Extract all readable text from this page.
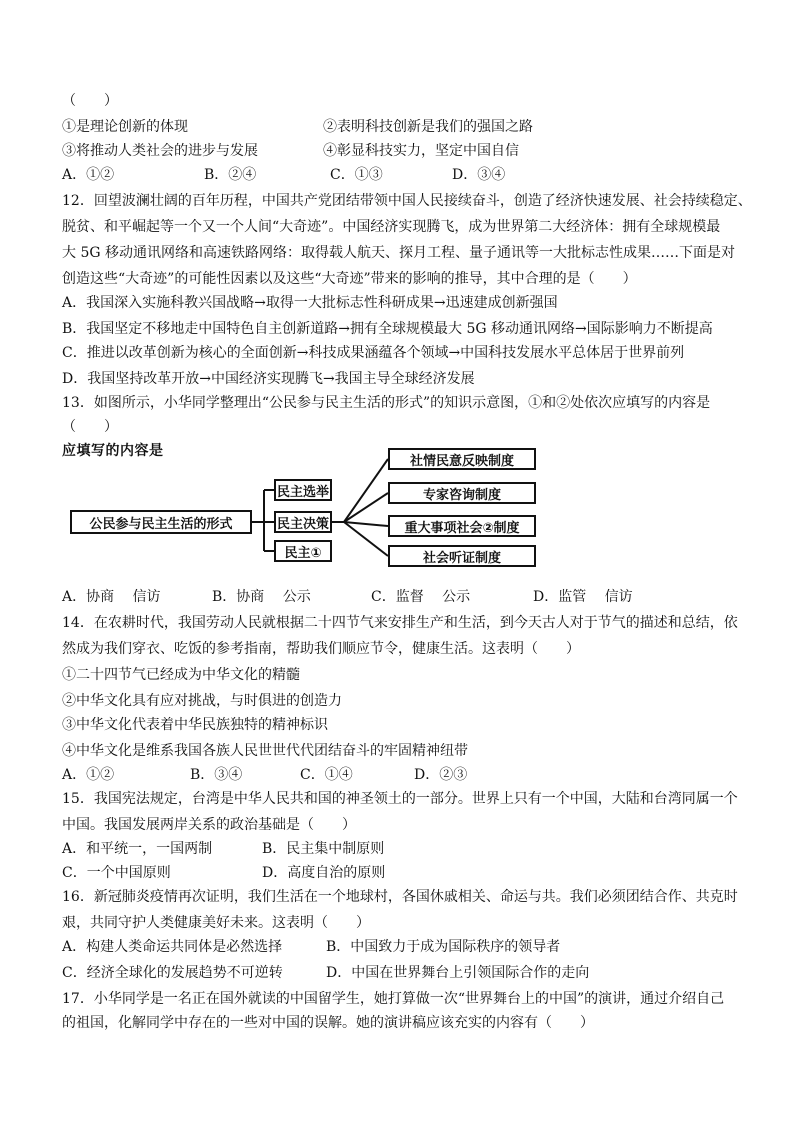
（　　）
①是理论创新的体现	②表明科技创新是我们的强国之路
③将推动人类社会的进步与发展	④彰显科技实力，坚定中国自信
12．回望波澜壮阔的百年历程，中国共产党团结带领中国人民接续奋斗，创造了经济快速发展、社会持续稳定、
脱贫、和平崛起等一个又一个人间“大奇迹”。中国经济实现腾飞，成为世界第二大经济体：拥有全球规模最
大 5G 移动通讯网络和高速铁路网络：取得载人航天、探月工程、量子通讯等一大批标志性成果……下面是对
创造这些“大奇迹”的可能性因素以及这些“大奇迹”带来的影响的推导，其中合理的是（　　）
A．我国深入实施科教兴国战略→取得一大批标志性科研成果→迅速建成创新强国
B．我国坚定不移地走中国特色自主创新道路→拥有全球规模最大 5G 移动通讯网络→国际影响力不断提高
C．推进以改革创新为核心的全面创新→科技成果涵蕴各个领域→中国科技发展水平总体居于世界前列
D．我国坚持改革开放→中国经济实现腾飞→我国主导全球经济发展
13．如图所示，小华同学整理出“公民参与民主生活的形式”的知识示意图，①和②处依次应填写的内容是
（　　）
14．在农耕时代，我国劳动人民就根据二十四节气来安排生产和生活，到今天古人对于节气的描述和总结，依
然成为我们穿衣、吃饭的参考指南，帮助我们顺应节令，健康生活。这表明（　　）
①二十四节气已经成为中华文化的精髓
②中华文化具有应对挑战，与时俱进的创造力
③中华文化代表着中华民族独特的精神标识
④中华文化是维系我国各族人民世世代代团结奋斗的牢固精神纽带
15．我国宪法规定，台湾是中华人民共和国的神圣领土的一部分。世界上只有一个中国，大陆和台湾同属一个
中国。我国发展两岸关系的政治基础是（　　）
16．新冠肺炎疫情再次证明，我们生活在一个地球村，各国休戚相关、命运与共。我们必须团结合作、共克时
艰，共同守护人类健康美好未来。这表明（　　）
17．小华同学是一名正在国外就读的中国留学生，她打算做一次“世界舞台上的中国”的演讲，通过介绍自己
的祖国，化解同学中存在的一些对中国的误解。她的演讲稿应该充实的内容有（　　）
A．①②	B．②④	C．①③	D．③④
A．协商　 信访	B．协商　 公示	C．监督　 公示	D．监管　 信访
A．①②	B．③④	C．①④	D．②③
A．和平统一，一国两制	B．民主集中制原则
C．一个中国原则	D．高度自治的原则
A．构建人类命运共同体是必然选择	B．中国致力于成为国际秩序的领导者
C．经济全球化的发展趋势不可逆转	D．中国在世界舞台上引领国际合作的走向
应填写的内容是
公民参与民主生活的形式
民主选举
民主决策
民主①
社情民意反映制度
专家咨询制度
重大事项社会②制度
社会听证制度
